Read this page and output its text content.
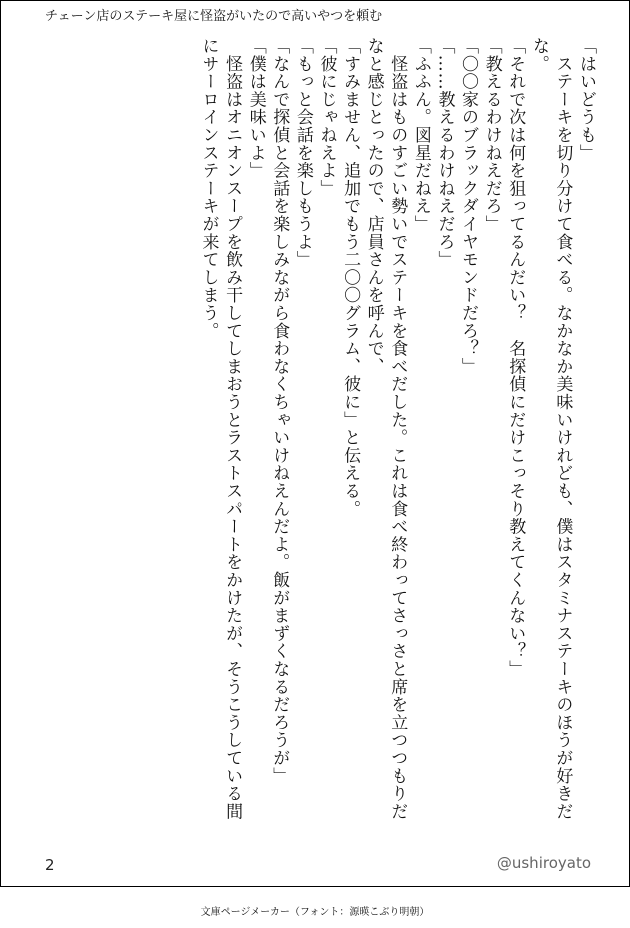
チェーン店のステーキ屋に怪盗がいたので高いやつを頼む

「はいどうも」

　ステーキを切り分けて食べる。なかなか美味いけれども、僕はスタミナステーキのほうが好きだな。

「それで次は何を狙ってるんだい？　名探偵にだけこっそり教えてくんない？」

「教えるわけねえだろ」

「〇〇家のブラックダイヤモンドだろ？」

「……教えるわけねえだろ」

「ふふん。図星だねえ」

　怪盗はものすごい勢いでステーキを食べだした。これは食べ終わってさっさと席を立つつもりだなと感じとったので、店員さんを呼んで、

「すみません、追加でもう二〇〇グラム、彼に」と伝える。

「彼にじゃねえよ」

「もっと会話を楽しもうよ」

「なんで探偵と会話を楽しみながら食わなくちゃいけねえんだよ。飯がまずくなるだろうが」

「僕は美味いよ」

　怪盗はオニオンスープを飲み干してしまおうとラストスパートをかけたが、そうこうしている間にサーロインステーキが来てしまう。

2	@ushiroyato
文庫ページメーカー（フォント：源暎こぶり明朝）
